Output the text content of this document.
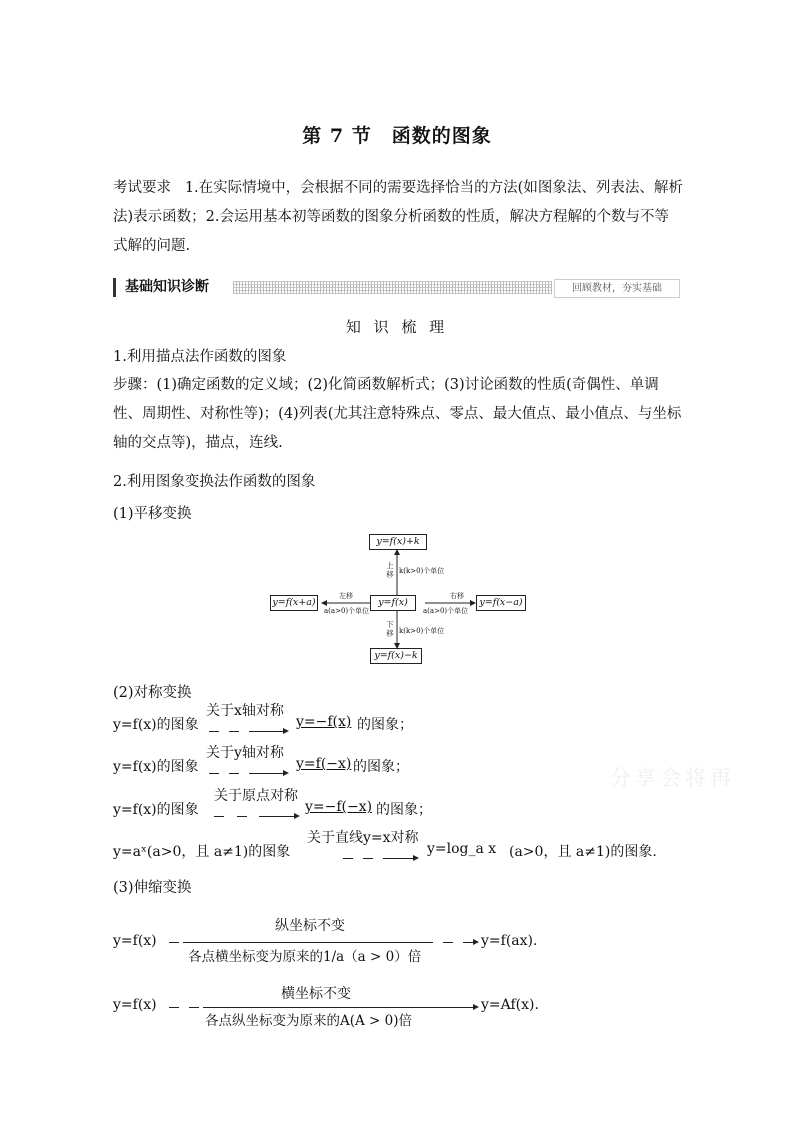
第 7 节　函数的图象
考试要求 1.在实际情境中，会根据不同的需要选择恰当的方法(如图象法、列表法、解析法)表示函数；2.会运用基本初等函数的图象分析函数的性质，解决方程解的个数与不等式解的问题.
基础知识诊断	回顾教材，夯实基础
知 识 梳 理
1.利用描点法作函数的图象
步骤：(1)确定函数的定义域；(2)化简函数解析式；(3)讨论函数的性质(奇偶性、单调性、周期性、对称性等)；(4)列表(尤其注意特殊点、零点、最大值点、最小值点、与坐标轴的交点等)，描点，连线.
2.利用图象变换法作函数的图象
(1)平移变换
y=f(x)+k
y=f(x)
y=f(x+a)	y=f(x−a)
y=f(x)−k
上移 k(k>0)个单位
下移 k(k>0)个单位
左移
a(a>0)个单位
右移
a(a>0)个单位
(2)对称变换
y=f(x)的图象
关于x轴对称
y=−f(x) 的图象；
y=f(x)的图象
关于y轴对称
y=f(−x) 的图象；
y=f(x)的图象
关于原点对称
y=−f(−x) 的图象；
y=aˣ(a>0，且 a≠1)的图象
关于直线y=x对称
y=log_a x (a>0，且 a≠1)的图象.
(3)伸缩变换
y=f(x)
纵坐标不变
各点横坐标变为原来的1/a（a > 0）倍
y=f(ax).
y=f(x)
横坐标不变
各点纵坐标变为原来的A(A > 0)倍
y=Af(x).
分享会将再
